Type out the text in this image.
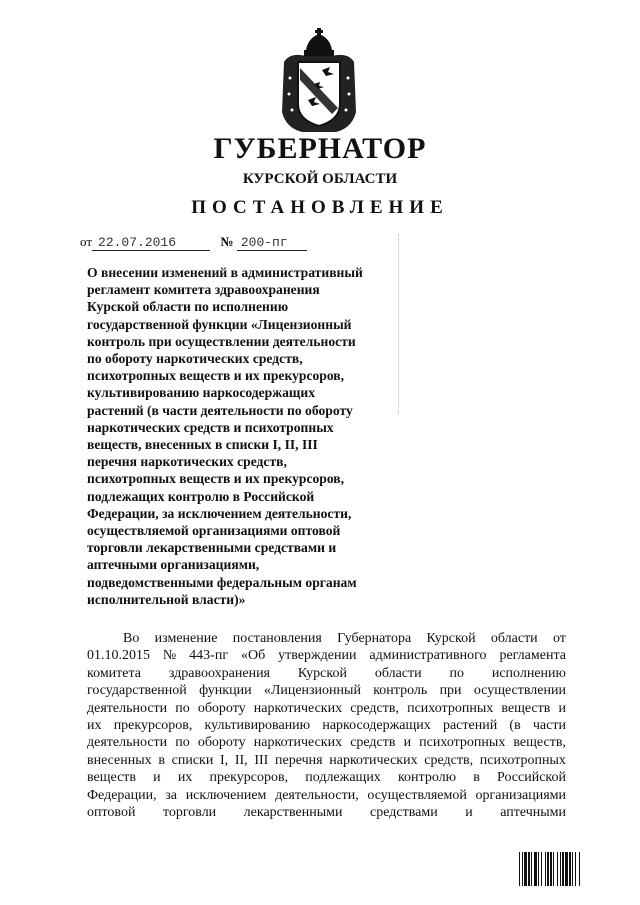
ГУБЕРНАТОР
КУРСКОЙ ОБЛАСТИ
ПОСТАНОВЛЕНИЕ
от 22.07.2016	№ 200-пг
О внесении изменений в административный
регламент комитета здравоохранения
Курской области по исполнению
государственной функции «Лицензионный
контроль при осуществлении деятельности
по обороту наркотических средств,
психотропных веществ и их прекурсоров,
культивированию наркосодержащих
растений (в части деятельности по обороту
наркотических средств и психотропных
веществ, внесенных в списки I, II, III
перечня наркотических средств,
психотропных веществ и их прекурсоров,
подлежащих контролю в Российской
Федерации, за исключением деятельности,
осуществляемой организациями оптовой
торговли лекарственными средствами и
аптечными организациями,
подведомственными федеральным органам
исполнительной власти)»
Во изменение постановления Губернатора Курской области от
01.10.2015 № 443-пг «Об утверждении административного регламента
комитета здравоохранения Курской области по исполнению
государственной функции «Лицензионный контроль при осуществлении
деятельности по обороту наркотических средств, психотропных веществ и
их прекурсоров, культивированию наркосодержащих растений (в части
деятельности по обороту наркотических средств и психотропных веществ,
внесенных в списки I, II, III перечня наркотических средств, психотропных
веществ и их прекурсоров, подлежащих контролю в Российской
Федерации, за исключением деятельности, осуществляемой организациями
оптовой торговли лекарственными средствами и аптечными
